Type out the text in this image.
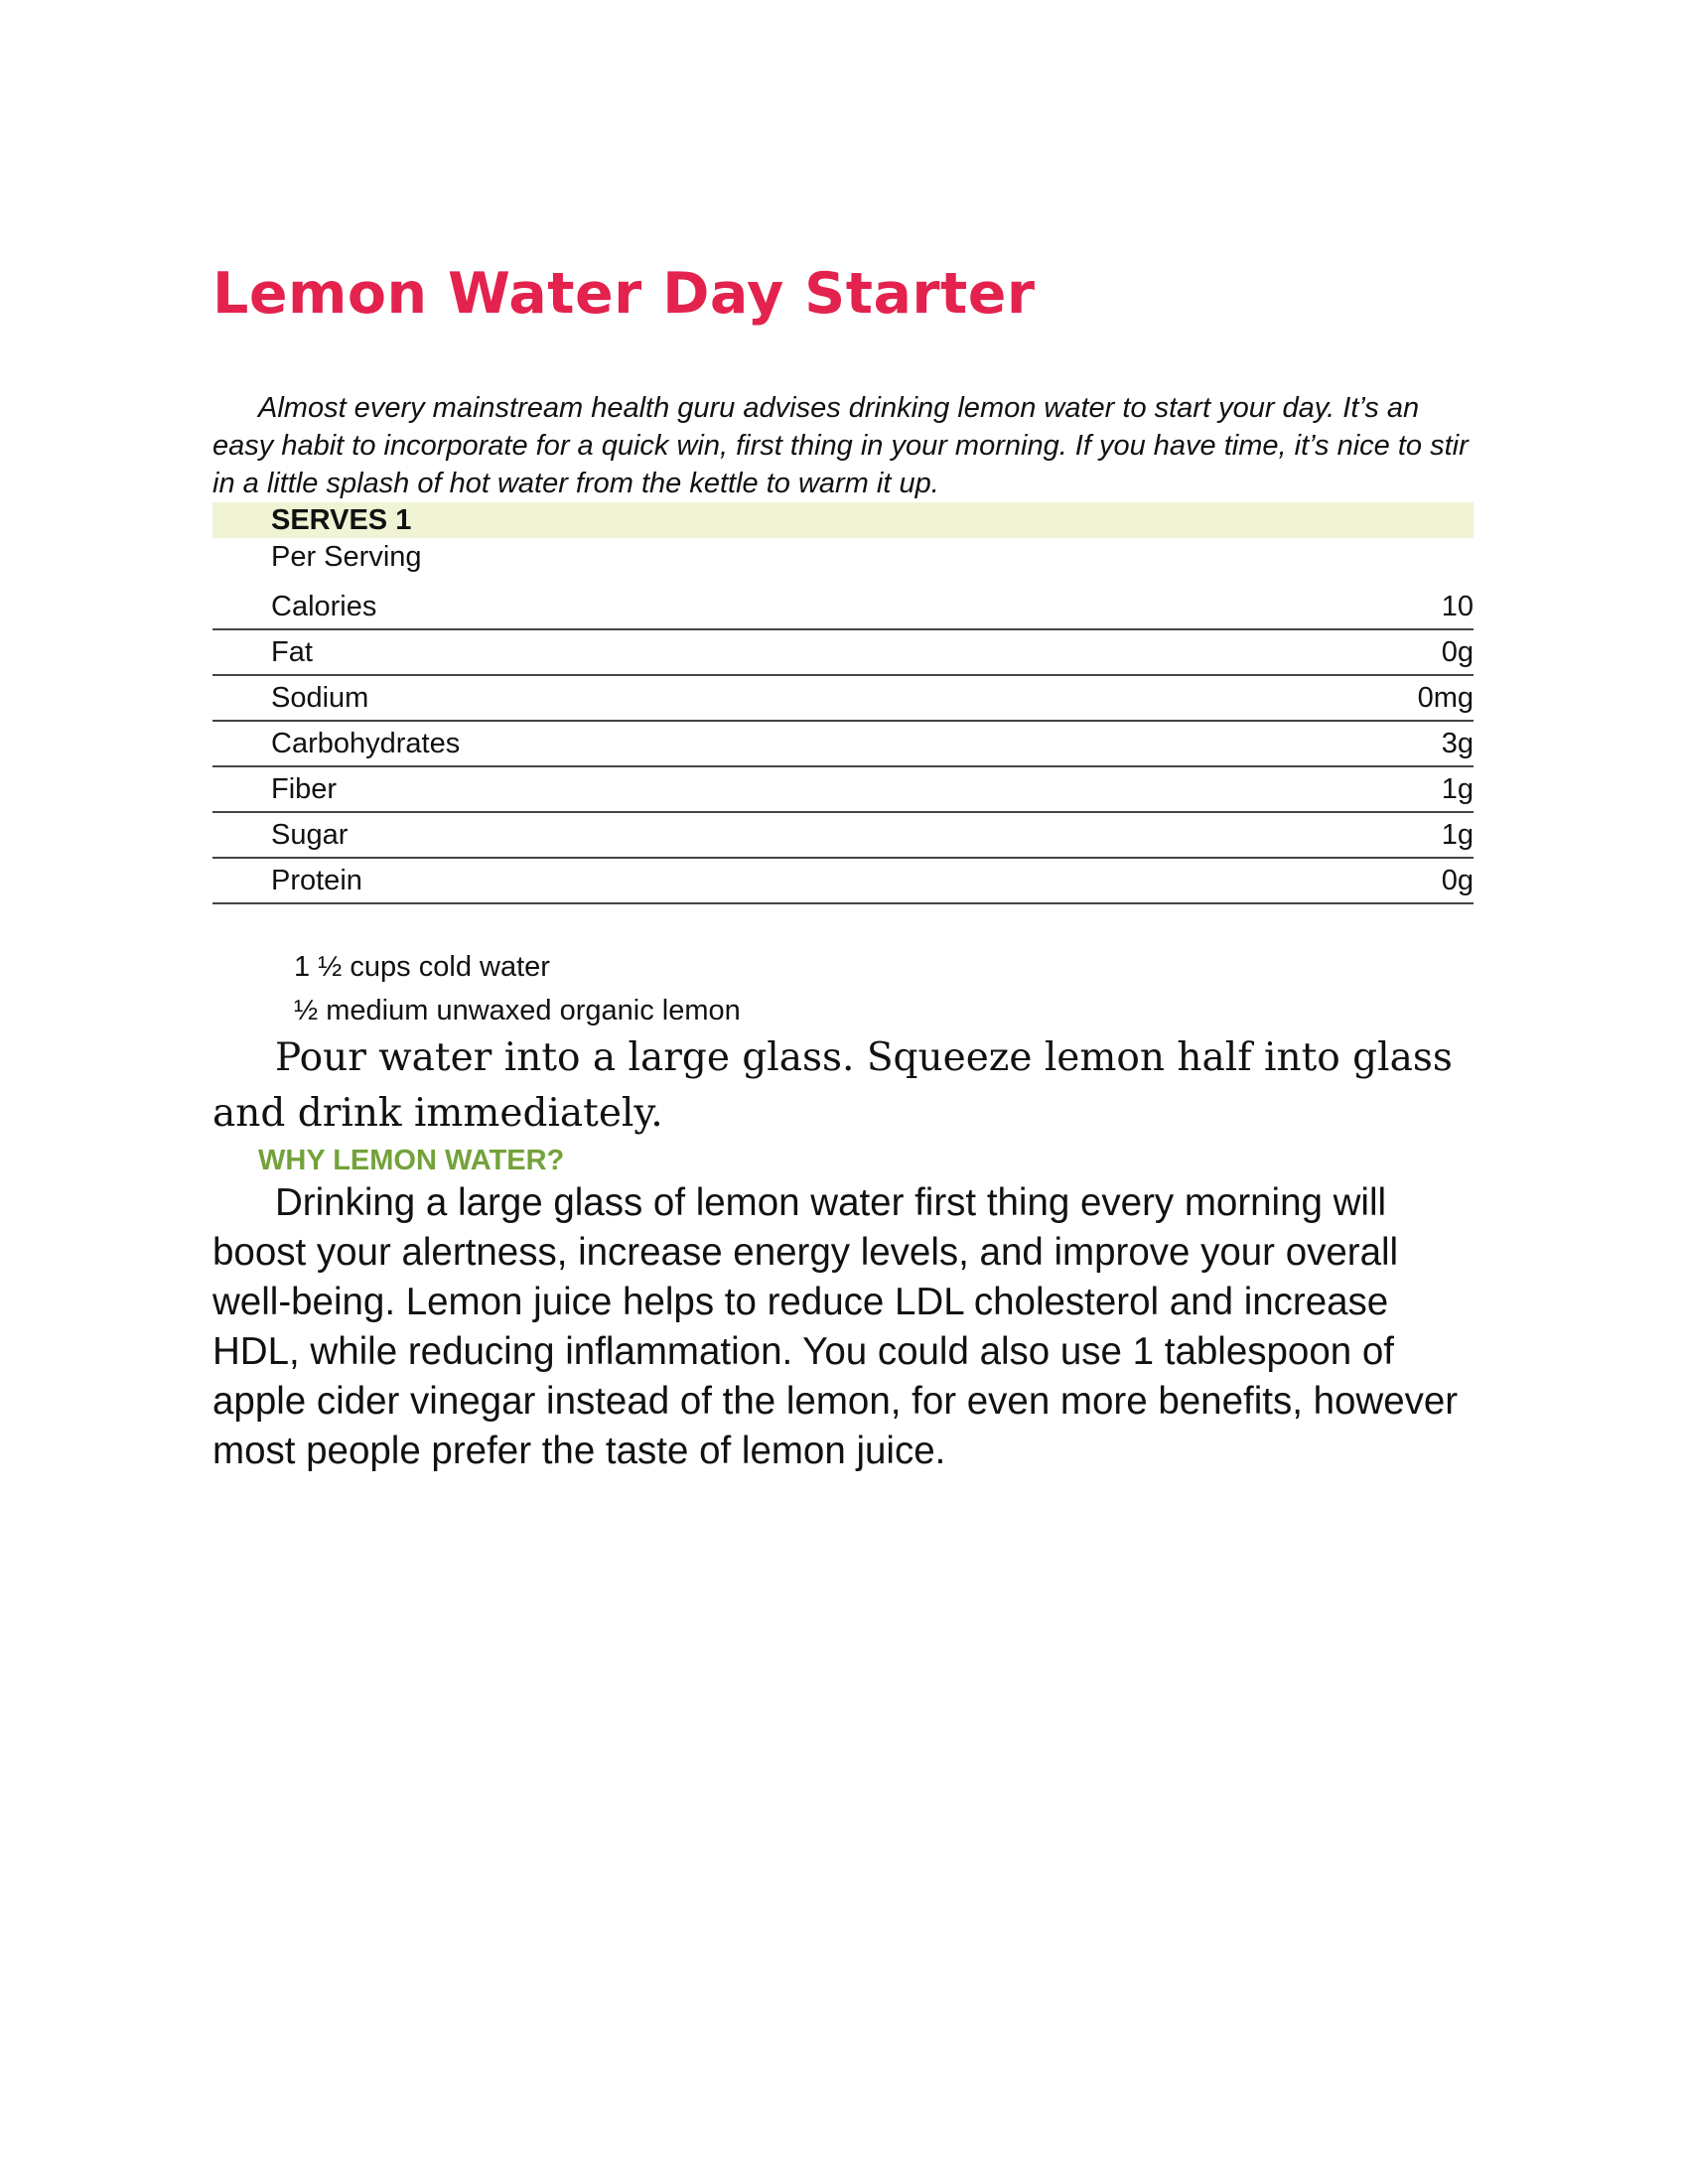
Lemon Water Day Starter

Almost every mainstream health guru advises drinking lemon water to start your day. It’s an easy habit to incorporate for a quick win, first thing in your morning. If you have time, it’s nice to stir in a little splash of hot water from the kettle to warm it up.

SERVES 1
Per Serving
Calories	10
Fat	0g
Sodium	0mg
Carbohydrates	3g
Fiber	1g
Sugar	1g
Protein	0g
1 ½ cups cold water
½ medium unwaxed organic lemon

Pour water into a large glass. Squeeze lemon half into glass and drink immediately.

WHY LEMON WATER?

Drinking a large glass of lemon water first thing every morning will boost your alertness, increase energy levels, and improve your overall well-being. Lemon juice helps to reduce LDL cholesterol and increase HDL, while reducing inflammation. You could also use 1 tablespoon of apple cider vinegar instead of the lemon, for even more benefits, however most people prefer the taste of lemon juice.
